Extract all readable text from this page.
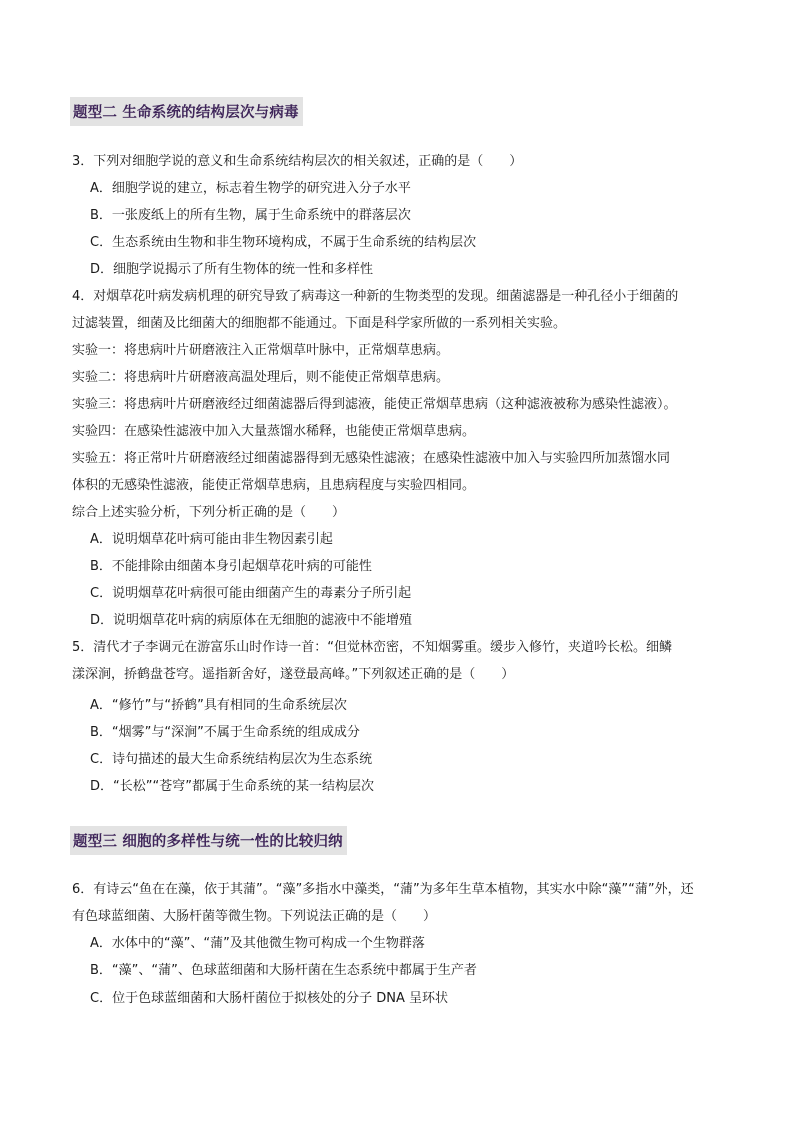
题型二 生命系统的结构层次与病毒
3．下列对细胞学说的意义和生命系统结构层次的相关叙述，正确的是（　　）
A．细胞学说的建立，标志着生物学的研究进入分子水平
B．一张废纸上的所有生物，属于生命系统中的群落层次
C．生态系统由生物和非生物环境构成，不属于生命系统的结构层次
D．细胞学说揭示了所有生物体的统一性和多样性
4．对烟草花叶病发病机理的研究导致了病毒这一种新的生物类型的发现。细菌滤器是一种孔径小于细菌的
过滤装置，细菌及比细菌大的细胞都不能通过。下面是科学家所做的一系列相关实验。
实验一：将患病叶片研磨液注入正常烟草叶脉中，正常烟草患病。
实验二：将患病叶片研磨液高温处理后，则不能使正常烟草患病。
实验三：将患病叶片研磨液经过细菌滤器后得到滤液，能使正常烟草患病（这种滤液被称为感染性滤液）。
实验四：在感染性滤液中加入大量蒸馏水稀释，也能使正常烟草患病。
实验五：将正常叶片研磨液经过细菌滤器得到无感染性滤液；在感染性滤液中加入与实验四所加蒸馏水同
体积的无感染性滤液，能使正常烟草患病，且患病程度与实验四相同。
综合上述实验分析，下列分析正确的是（　　）
A．说明烟草花叶病可能由非生物因素引起
B．不能排除由细菌本身引起烟草花叶病的可能性
C．说明烟草花叶病很可能由细菌产生的毒素分子所引起
D．说明烟草花叶病的病原体在无细胞的滤液中不能增殖
5．清代才子李调元在游富乐山时作诗一首：“但觉林峦密，不知烟雾重。缓步入修竹，夹道吟长松。细鳞
漾深涧，挢鹤盘苍穹。遥指新舍好，遂登最高峰。”下列叙述正确的是（　　）
A．“修竹”与“挢鹤”具有相同的生命系统层次
B．“烟雾”与“深涧”不属于生命系统的组成成分
C．诗句描述的最大生命系统结构层次为生态系统
D．“长松”“苍穹”都属于生命系统的某一结构层次
题型三 细胞的多样性与统一性的比较归纳
6．有诗云“鱼在在藻，依于其蒲”。“藻”多指水中藻类，“蒲”为多年生草本植物，其实水中除“藻”“蒲”外，还
有色球蓝细菌、大肠杆菌等微生物。下列说法正确的是（　　）
A．水体中的“藻”、“蒲”及其他微生物可构成一个生物群落
B．“藻”、“蒲”、色球蓝细菌和大肠杆菌在生态系统中都属于生产者
C．位于色球蓝细菌和大肠杆菌位于拟核处的分子 DNA 呈环状
